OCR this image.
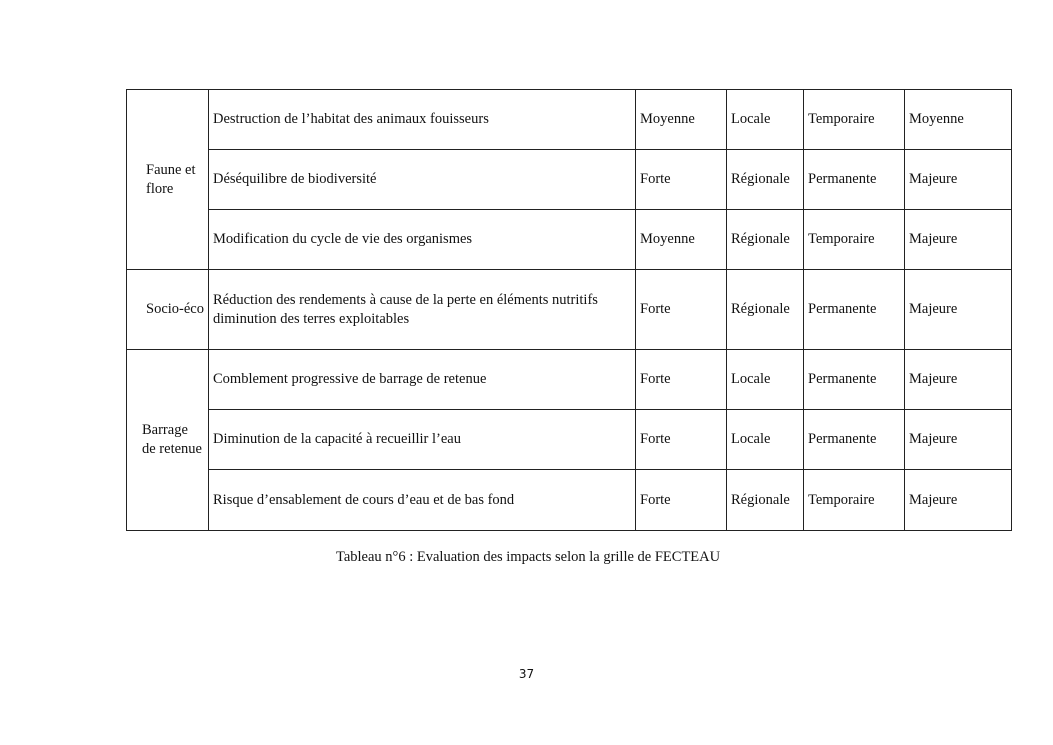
Faune et flore	Destruction de l’habitat des animaux fouisseurs	Moyenne	Locale	Temporaire	Moyenne
	Déséquilibre de biodiversité	Forte	Régionale	Permanente	Majeure
	Modification du cycle de vie des organismes	Moyenne	Régionale	Temporaire	Majeure
Socio-éco	Réduction des rendements à cause de la perte en éléments nutritifs diminution des terres exploitables	Forte	Régionale	Permanente	Majeure
Barrage de retenue	Comblement progressive de barrage de retenue	Forte	Locale	Permanente	Majeure
	Diminution de la capacité à recueillir l’eau	Forte	Locale	Permanente	Majeure
	Risque d’ensablement de cours d’eau et de bas fond	Forte	Régionale	Temporaire	Majeure
Tableau n°6 : Evaluation des impacts selon la grille de FECTEAU
37
